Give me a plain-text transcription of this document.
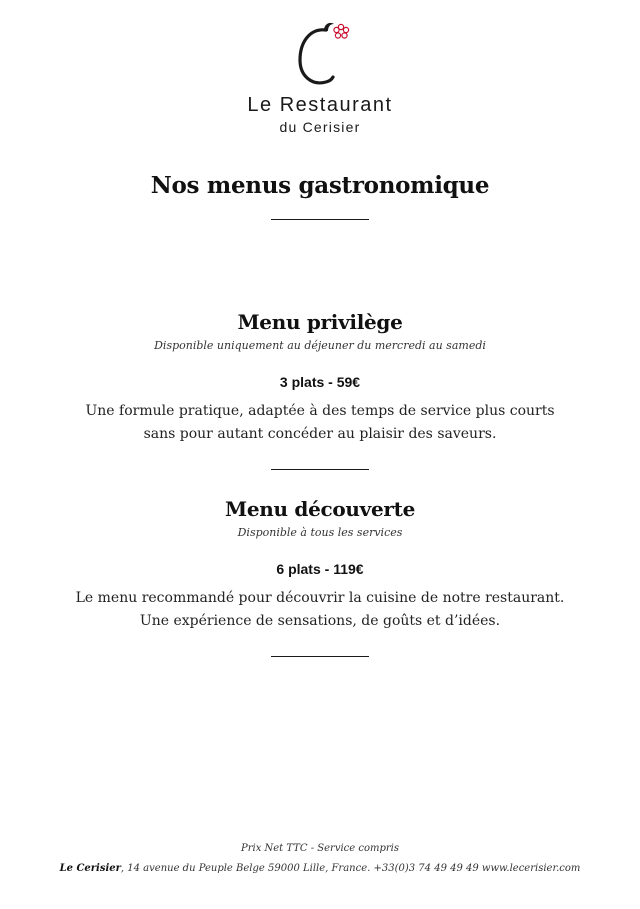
Le Restaurant
du Cerisier
Nos menus gastronomique
Menu privilège
Disponible uniquement au déjeuner du mercredi au samedi
3 plats - 59€
Une formule pratique, adaptée à des temps de service plus courts
sans pour autant concéder au plaisir des saveurs.
Menu découverte
Disponible à tous les services
6 plats - 119€
Le menu recommandé pour découvrir la cuisine de notre restaurant.
Une expérience de sensations, de goûts et d’idées.
Prix Net TTC - Service compris
Le Cerisier, 14 avenue du Peuple Belge 59000 Lille, France. +33(0)3 74 49 49 49 www.lecerisier.com
